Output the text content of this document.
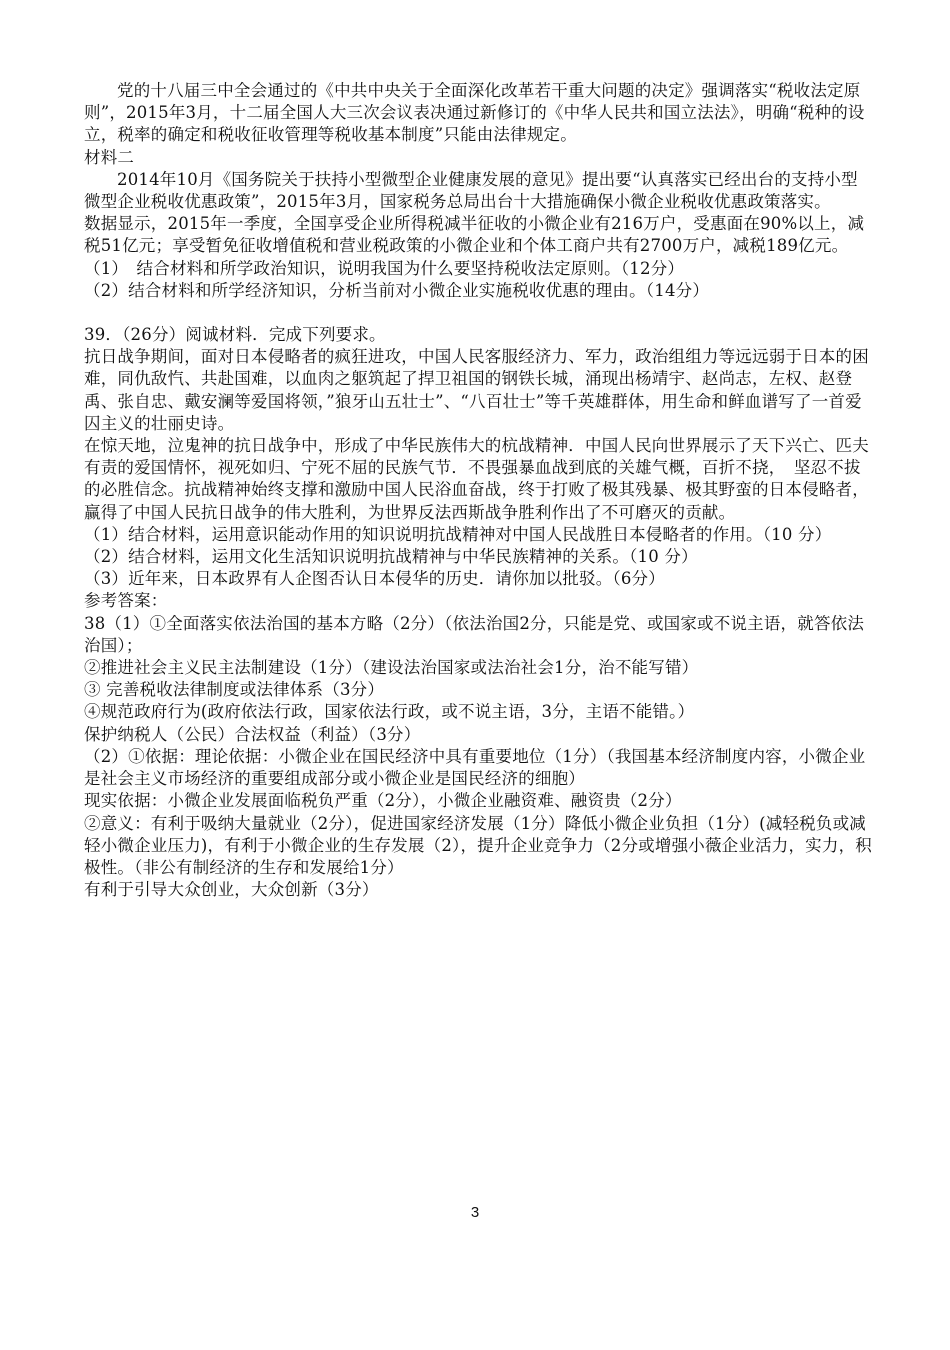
党的十八届三中全会通过的《中共中央关于全面深化改革若干重大问题的决定》强调落实“税收法定原则”，2015年3月，十二届全国人大三次会议表决通过新修订的《中华人民共和国立法法》，明确“税种的设立，税率的确定和税收征收管理等税收基本制度”只能由法律规定。

材料二

2014年10月《国务院关于扶持小型微型企业健康发展的意见》提出要“认真落实已经出台的支持小型微型企业税收优惠政策”，2015年3月，国家税务总局出台十大措施确保小微企业税收优惠政策落实。

数据显示，2015年一季度，全国享受企业所得税减半征收的小微企业有216万户，受惠面在90%以上，减税51亿元；享受暂免征收增值税和营业税政策的小微企业和个体工商户共有2700万户，减税189亿元。

（1）　结合材料和所学政治知识，说明我国为什么要坚持税收法定原则。（12分）

（2）结合材料和所学经济知识，分析当前对小微企业实施税收优惠的理由。（14分）

39．（26分）阅诚材料．完成下列要求。

抗日战争期间，面对日本侵略者的疯狂进攻，中国人民客服经济力、军力，政治组组力等远远弱于日本的困难，同仇敌忾、共赴国难，以血肉之躯筑起了捍卫祖国的钢铁长城，涌现出杨靖宇、赵尚志，左权、赵登禹、张自忠、戴安澜等爱国将领，”狼牙山五壮士”、“八百壮士”等千英雄群体，用生命和鲜血谱写了一首爱囚主义的壮丽史诗。

在惊天地，泣鬼神的抗日战争中，形成了中华民族伟大的杭战精神．中国人民向世界展示了天下兴亡、匹夫有责的爱国情怀，视死如归、宁死不屈的民族气节．不畏强暴血战到底的关雄气概，百折不挠，　坚忍不拔的必胜信念。抗战精神始终支撑和激励中国人民浴血奋战，终于打败了极其残暴、极其野蛮的日本侵略者，赢得了中国人民抗日战争的伟大胜利，为世界反法西斯战争胜利作出了不可磨灭的贡献。

（1）结合材料，运用意识能动作用的知识说明抗战精神对中国人民战胜日本侵略者的作用。（10 分）

（2）结合材料，运用文化生活知识说明抗战精神与中华民族精神的关系。（10 分）

（3）近年来，日本政界有人企图否认日本侵华的历史．请你加以批驳。（6分）

参考答案：

38（1）①全面落实依法治国的基本方略（2分）（依法治国2分，只能是党、或国家或不说主语，就答依法治国）；

②推进社会主义民主法制建设（1分）（建设法治国家或法治社会1分，治不能写错）

③ 完善税收法律制度或法律体系（3分）

④规范政府行为(政府依法行政，国家依法行政，或不说主语，3分，主语不能错。）

保护纳税人（公民）合法权益（利益）（3分）

（2）①依据：理论依据：小微企业在国民经济中具有重要地位（1分）（我国基本经济制度内容，小微企业是社会主义市场经济的重要组成部分或小微企业是国民经济的细胞）

现实依据：小微企业发展面临税负严重（2分），小微企业融资难、融资贵（2分）

②意义：有利于吸纳大量就业（2分），促进国家经济发展（1分）降低小微企业负担（1分）(减轻税负或减轻小微企业压力)，有利于小微企业的生存发展（2），提升企业竞争力（2分或增强小薇企业活力，实力，积极性。（非公有制经济的生存和发展给1分）

有利于引导大众创业，大众创新（3分）

3
